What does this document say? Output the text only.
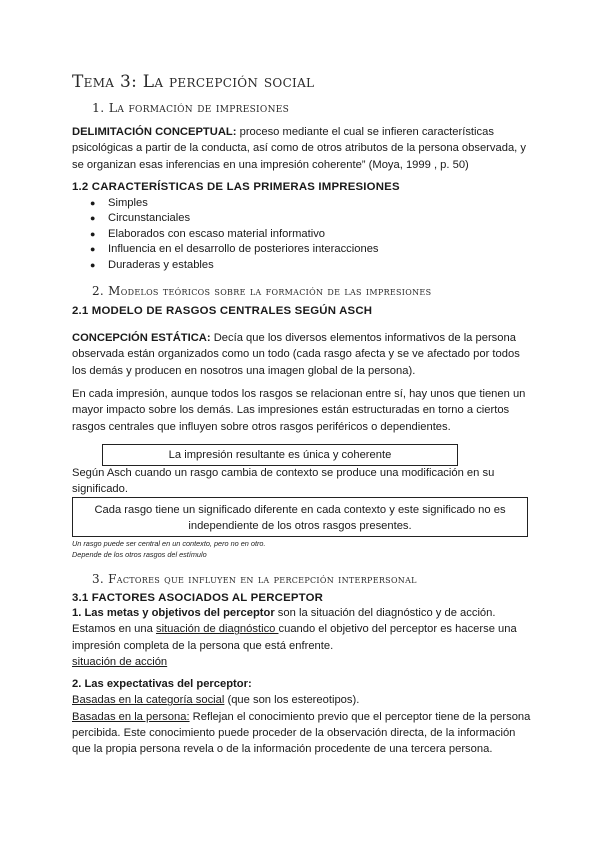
Tema 3: La percepción social
1. La formación de impresiones

DELIMITACIÓN CONCEPTUAL: proceso mediante el cual se infieren características
psicológicas a partir de la conducta, así como de otros atributos de la persona observada, y
se organizan esas inferencias en una impresión coherente” (Moya, 1999 , p. 50)

1.2 CARACTERÍSTICAS DE LAS PRIMERAS IMPRESIONES
● Simples
● Circunstanciales
● Elaborados con escaso material informativo
● Influencia en el desarrollo de posteriores interacciones
● Duraderas y estables
2. Modelos teóricos sobre la formación de las impresiones
2.1 MODELO DE RASGOS CENTRALES SEGÚN ASCH

CONCEPCIÓN ESTÁTICA: Decía que los diversos elementos informativos de la persona
observada están organizados como un todo (cada rasgo afecta y se ve afectado por todos
los demás y producen en nosotros una imagen global de la persona).

En cada impresión, aunque todos los rasgos se relacionan entre sí, hay unos que tienen un
mayor impacto sobre los demás. Las impresiones están estructuradas en torno a ciertos
rasgos centrales que influyen sobre otros rasgos periféricos o dependientes.

La impresión resultante es única y coherente

Según Asch cuando un rasgo cambia de contexto se produce una modificación en su
significado.

Cada rasgo tiene un significado diferente en cada contexto y este significado no es
independiente de los otros rasgos presentes.
Un rasgo puede ser central en un contexto, pero no en otro.
Depende de los otros rasgos del estímulo
3. Factores que influyen en la percepción interpersonal
3.1 FACTORES ASOCIADOS AL PERCEPTOR

1. Las metas y objetivos del perceptor son la situación del diagnóstico y de acción.
Estamos en una situación de diagnóstico cuando el objetivo del perceptor es hacerse una
impresión completa de la persona que está enfrente.
situación de acción

2. Las expectativas del perceptor:
Basadas en la categoría social (que son los estereotipos).
Basadas en la persona: Reflejan el conocimiento previo que el perceptor tiene de la persona
percibida. Este conocimiento puede proceder de la observación directa, de la información
que la propia persona revela o de la información procedente de una tercera persona.
